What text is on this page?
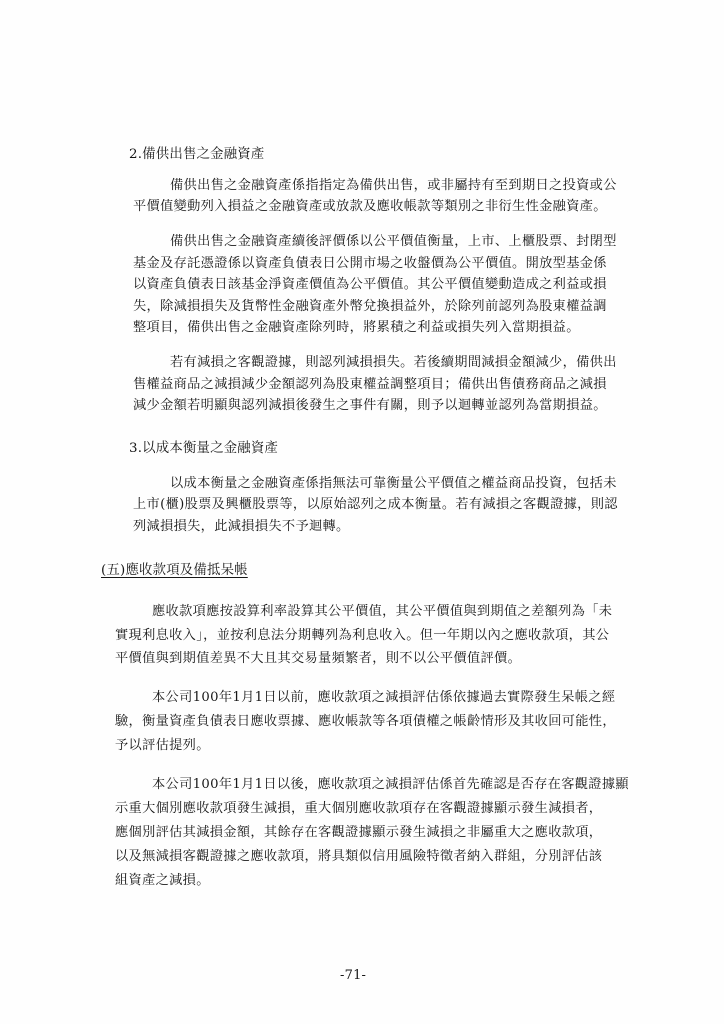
2.備供出售之金融資產
備供出售之金融資產係指指定為備供出售，或非屬持有至到期日之投資或公
平價值變動列入損益之金融資產或放款及應收帳款等類別之非衍生性金融資產。
備供出售之金融資產續後評價係以公平價值衡量，上市、上櫃股票、封閉型
基金及存託憑證係以資產負債表日公開市場之收盤價為公平價值。開放型基金係
以資產負債表日該基金淨資產價值為公平價值。其公平價值變動造成之利益或損
失，除減損損失及貨幣性金融資產外幣兌換損益外，於除列前認列為股東權益調
整項目，備供出售之金融資產除列時，將累積之利益或損失列入當期損益。
若有減損之客觀證據，則認列減損損失。若後續期間減損金額減少，備供出
售權益商品之減損減少金額認列為股東權益調整項目；備供出售債務商品之減損
減少金額若明顯與認列減損後發生之事件有關，則予以迴轉並認列為當期損益。
3.以成本衡量之金融資產
以成本衡量之金融資產係指無法可靠衡量公平價值之權益商品投資，包括未
上市(櫃)股票及興櫃股票等，以原始認列之成本衡量。若有減損之客觀證據，則認
列減損損失，此減損損失不予迴轉。
(五)應收款項及備抵呆帳
應收款項應按設算利率設算其公平價值，其公平價值與到期值之差額列為「未
實現利息收入」，並按利息法分期轉列為利息收入。但一年期以內之應收款項，其公
平價值與到期值差異不大且其交易量頻繁者，則不以公平價值評價。
本公司100年1月1日以前，應收款項之減損評估係依據過去實際發生呆帳之經
驗，衡量資產負債表日應收票據、應收帳款等各項債權之帳齡情形及其收回可能性，
予以評估提列。
本公司100年1月1日以後，應收款項之減損評估係首先確認是否存在客觀證據顯
示重大個別應收款項發生減損，重大個別應收款項存在客觀證據顯示發生減損者，
應個別評估其減損金額，其餘存在客觀證據顯示發生減損之非屬重大之應收款項，
以及無減損客觀證據之應收款項，將具類似信用風險特徵者納入群組，分別評估該
組資產之減損。
-71-
